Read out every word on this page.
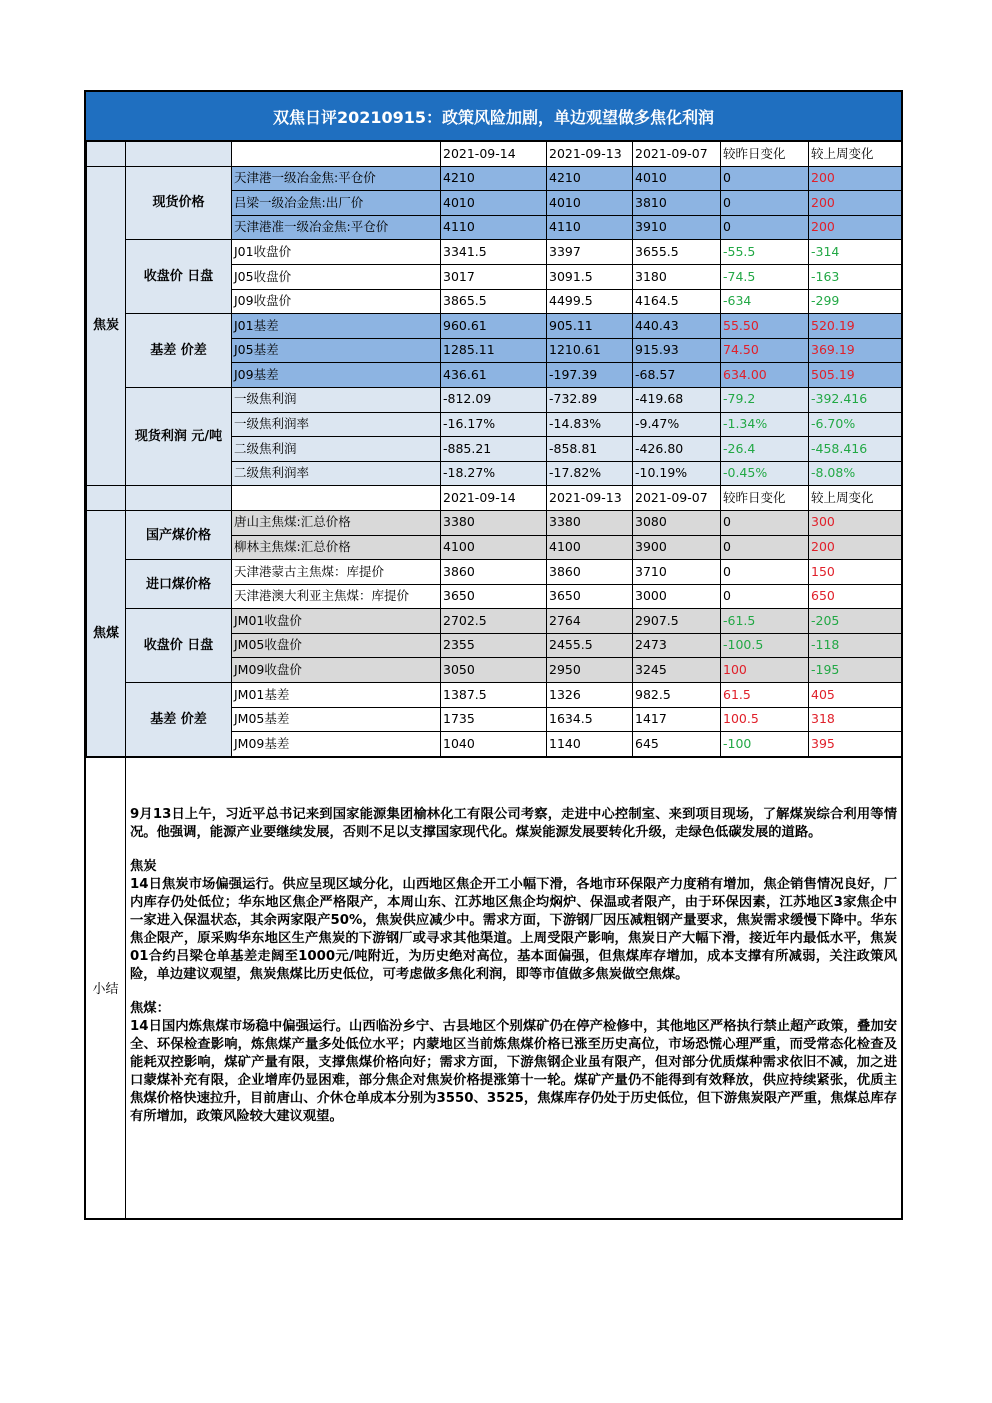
双焦日评20210915：政策风险加剧，单边观望做多焦化利润
			2021-09-14	2021-09-13	2021-09-07	较昨日变化	较上周变化
焦炭	现货价格	天津港一级冶金焦:平仓价	4210	4210	4010	0	200
		吕梁一级冶金焦:出厂价	4010	4010	3810	0	200
		天津港准一级冶金焦:平仓价	4110	4110	3910	0	200
	收盘价 日盘	J01收盘价	3341.5	3397	3655.5	-55.5	-314
		J05收盘价	3017	3091.5	3180	-74.5	-163
		J09收盘价	3865.5	4499.5	4164.5	-634	-299
	基差 价差	J01基差	960.61	905.11	440.43	55.50	520.19
		J05基差	1285.11	1210.61	915.93	74.50	369.19
		J09基差	436.61	-197.39	-68.57	634.00	505.19
	现货利润 元/吨	一级焦利润	-812.09	-732.89	-419.68	-79.2	-392.416
		一级焦利润率	-16.17%	-14.83%	-9.47%	-1.34%	-6.70%
		二级焦利润	-885.21	-858.81	-426.80	-26.4	-458.416
		二级焦利润率	-18.27%	-17.82%	-10.19%	-0.45%	-8.08%
			2021-09-14	2021-09-13	2021-09-07	较昨日变化	较上周变化
焦煤	国产煤价格	唐山主焦煤:汇总价格	3380	3380	3080	0	300
		柳林主焦煤:汇总价格	4100	4100	3900	0	200
	进口煤价格	天津港蒙古主焦煤：库提价	3860	3860	3710	0	150
		天津港澳大利亚主焦煤：库提价	3650	3650	3000	0	650
	收盘价 日盘	JM01收盘价	2702.5	2764	2907.5	-61.5	-205
		JM05收盘价	2355	2455.5	2473	-100.5	-118
		JM09收盘价	3050	2950	3245	100	-195
	基差 价差	JM01基差	1387.5	1326	982.5	61.5	405
		JM05基差	1735	1634.5	1417	100.5	318
		JM09基差	1040	1140	645	-100	395
小结

9月13日上午，习近平总书记来到国家能源集团榆林化工有限公司考察，走进中心控制室、来到项目现场，了解煤炭综合利用等情况。他强调，能源产业要继续发展，否则不足以支撑国家现代化。煤炭能源发展要转化升级，走绿色低碳发展的道路。

焦炭
14日焦炭市场偏强运行。供应呈现区域分化，山西地区焦企开工小幅下滑，各地市环保限产力度稍有增加，焦企销售情况良好，厂内库存仍处低位；华东地区焦企严格限产，本周山东、江苏地区焦企均焖炉、保温或者限产，由于环保因素，江苏地区3家焦企中一家进入保温状态，其余两家限产50%，焦炭供应减少中。需求方面，下游钢厂因压减粗钢产量要求，焦炭需求缓慢下降中。华东焦企限产，原采购华东地区生产焦炭的下游钢厂或寻求其他渠道。上周受限产影响，焦炭日产大幅下滑，接近年内最低水平，焦炭01合约吕梁仓单基差走阔至1000元/吨附近，为历史绝对高位，基本面偏强，但焦煤库存增加，成本支撑有所减弱，关注政策风险，单边建议观望，焦炭焦煤比历史低位，可考虑做多焦化利润，即等市值做多焦炭做空焦煤。

焦煤：
14日国内炼焦煤市场稳中偏强运行。山西临汾乡宁、古县地区个别煤矿仍在停产检修中，其他地区严格执行禁止超产政策，叠加安全、环保检查影响，炼焦煤产量多处低位水平；内蒙地区当前炼焦煤价格已涨至历史高位，市场恐慌心理严重，而受常态化检查及能耗双控影响，煤矿产量有限，支撑焦煤价格向好；需求方面，下游焦钢企业虽有限产，但对部分优质煤种需求依旧不减，加之进口蒙煤补充有限，企业增库仍显困难，部分焦企对焦炭价格提涨第十一轮。煤矿产量仍不能得到有效释放，供应持续紧张，优质主焦煤价格快速拉升，目前唐山、介休仓单成本分别为3550、3525，焦煤库存仍处于历史低位，但下游焦炭限产严重，焦煤总库存有所增加，政策风险较大建议观望。
